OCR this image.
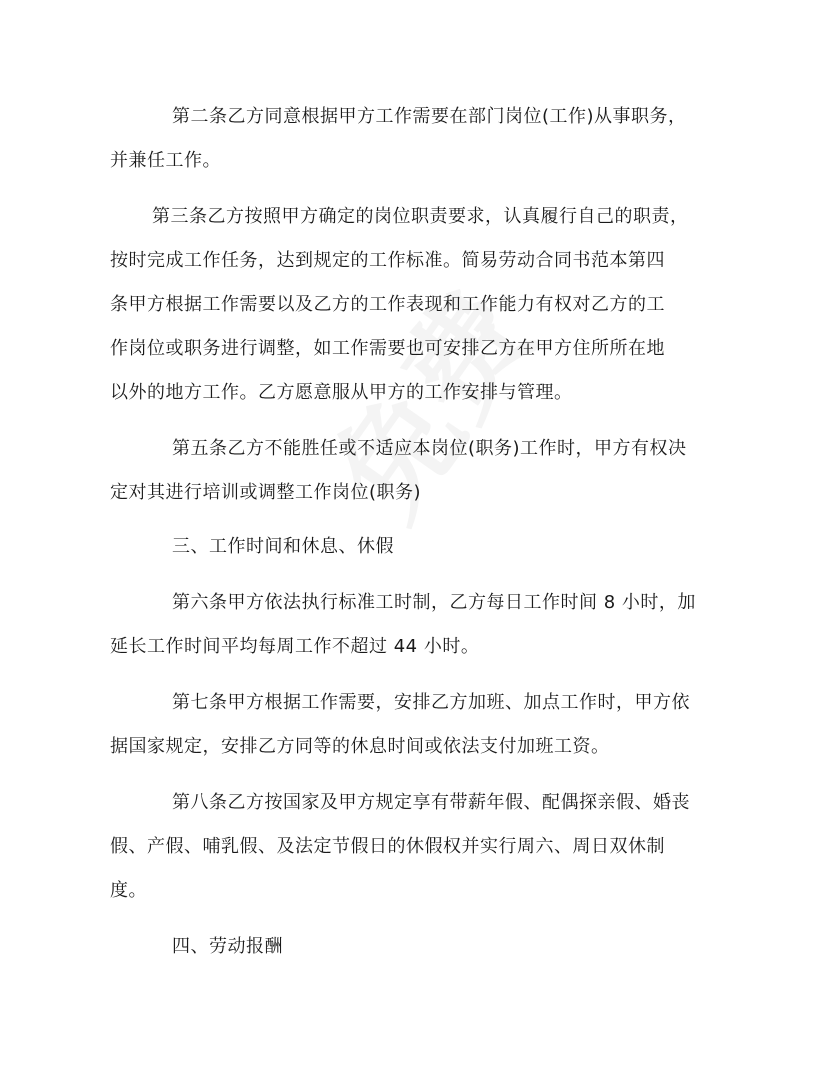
第二条乙方同意根据甲方工作需要在部门岗位(工作)从事职务，

并兼任工作。

第三条乙方按照甲方确定的岗位职责要求，认真履行自己的职责，

按时完成工作任务，达到规定的工作标准。简易劳动合同书范本第四

条甲方根据工作需要以及乙方的工作表现和工作能力有权对乙方的工

作岗位或职务进行调整，如工作需要也可安排乙方在甲方住所所在地

以外的地方工作。乙方愿意服从甲方的工作安排与管理。

第五条乙方不能胜任或不适应本岗位(职务)工作时，甲方有权决

定对其进行培训或调整工作岗位(职务)

三、工作时间和休息、休假

第六条甲方依法执行标准工时制，乙方每日工作时间 8 小时，加

延长工作时间平均每周工作不超过 44 小时。

第七条甲方根据工作需要，安排乙方加班、加点工作时，甲方依

据国家规定，安排乙方同等的休息时间或依法支付加班工资。

第八条乙方按国家及甲方规定享有带薪年假、配偶探亲假、婚丧

假、产假、哺乳假、及法定节假日的休假权并实行周六、周日双休制

度。

四、劳动报酬
